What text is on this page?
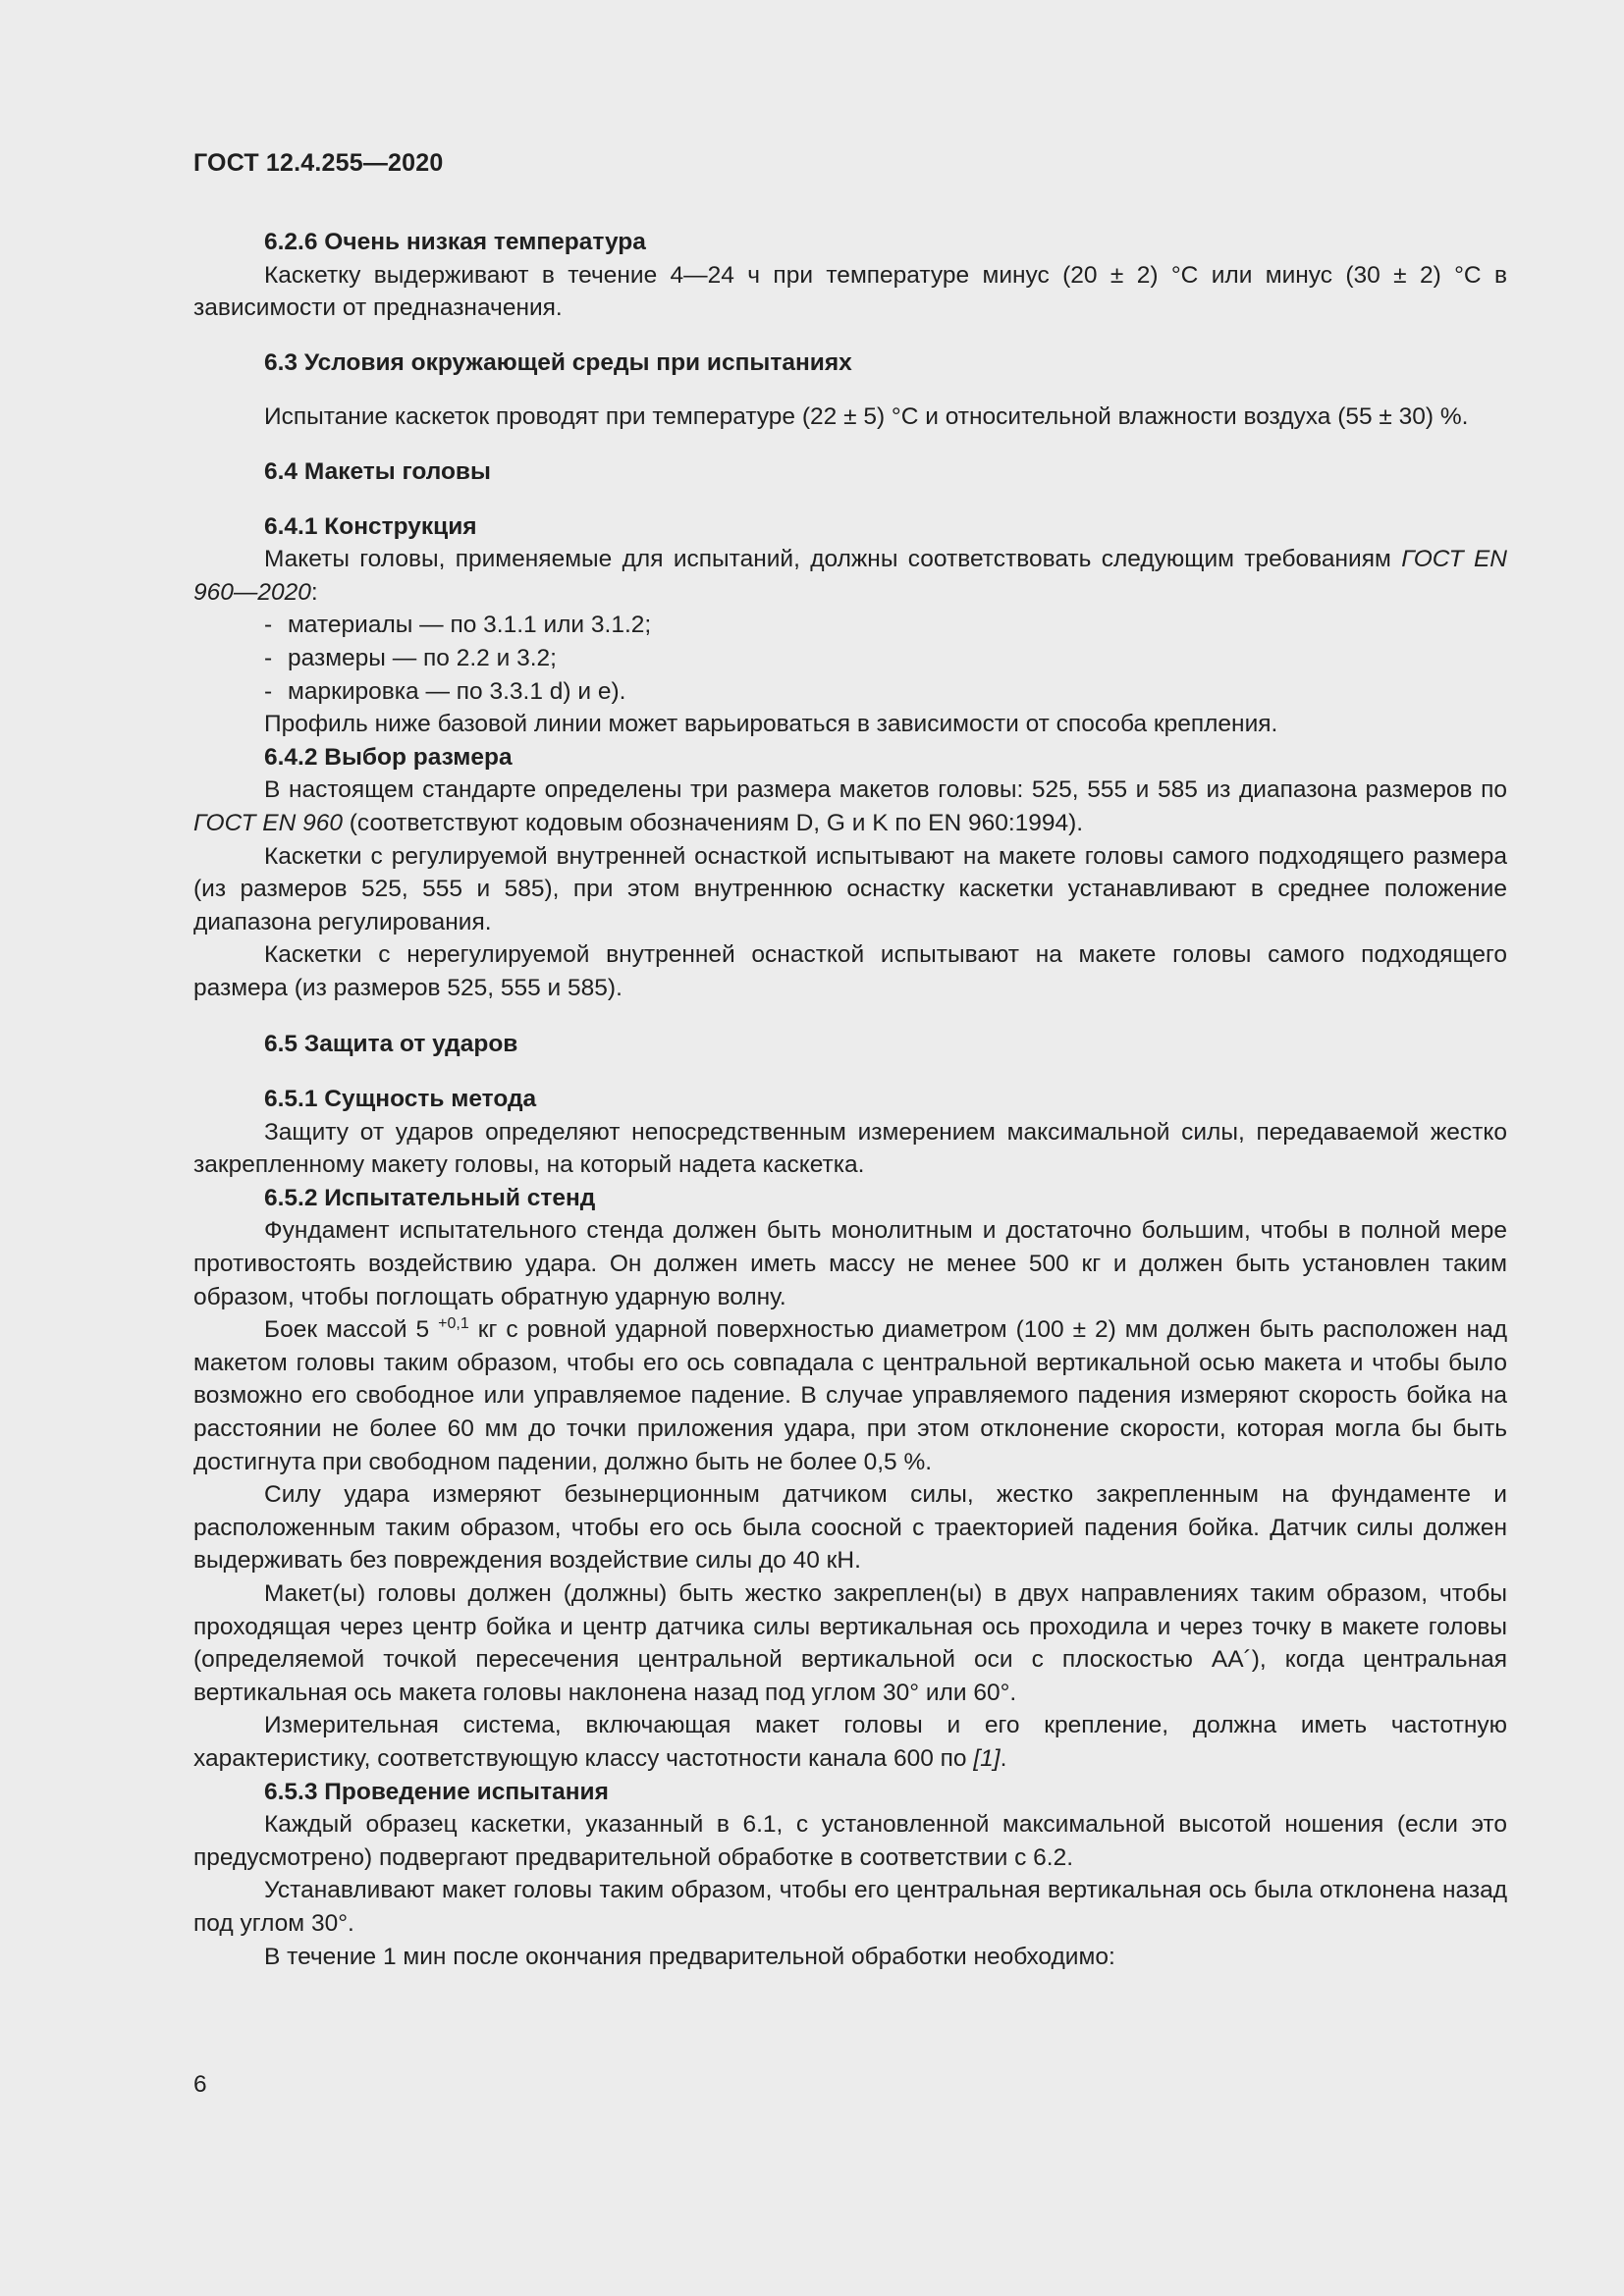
ГОСТ 12.4.255—2020

6.2.6 Очень низкая температура

Каскетку выдерживают в течение 4—24 ч при температуре минус (20 ± 2) °С или минус (30 ± 2) °С в зависимости от предназначения.

6.3 Условия окружающей среды при испытаниях

Испытание каскеток проводят при температуре (22 ± 5) °С и относительной влажности воздуха (55 ± 30) %.

6.4 Макеты головы

6.4.1 Конструкция

Макеты головы, применяемые для испытаний, должны соответствовать следующим требованиям ГОСТ EN 960—2020:

- материалы — по 3.1.1 или 3.1.2;

- размеры — по 2.2 и 3.2;

- маркировка — по 3.3.1 d) и е).

Профиль ниже базовой линии может варьироваться в зависимости от способа крепления.

6.4.2 Выбор размера

В настоящем стандарте определены три размера макетов головы: 525, 555 и 585 из диапазона размеров по ГОСТ EN 960 (соответствуют кодовым обозначениям D, G и K по EN 960:1994).

Каскетки с регулируемой внутренней оснасткой испытывают на макете головы самого подходящего размера (из размеров 525, 555 и 585), при этом внутреннюю оснастку каскетки устанавливают в среднее положение диапазона регулирования.

Каскетки с нерегулируемой внутренней оснасткой испытывают на макете головы самого подходящего размера (из размеров 525, 555 и 585).

6.5 Защита от ударов

6.5.1 Сущность метода

Защиту от ударов определяют непосредственным измерением максимальной силы, передаваемой жестко закрепленному макету головы, на который надета каскетка.

6.5.2 Испытательный стенд

Фундамент испытательного стенда должен быть монолитным и достаточно большим, чтобы в полной мере противостоять воздействию удара. Он должен иметь массу не менее 500 кг и должен быть установлен таким образом, чтобы поглощать обратную ударную волну.

Боек массой 5 $^{+0,1}$ кг с ровной ударной поверхностью диаметром (100 ± 2) мм должен быть расположен над макетом головы таким образом, чтобы его ось совпадала с центральной вертикальной осью макета и чтобы было возможно его свободное или управляемое падение. В случае управляемого падения измеряют скорость бойка на расстоянии не более 60 мм до точки приложения удара, при этом отклонение скорости, которая могла бы быть достигнута при свободном падении, должно быть не более 0,5 %.

Силу удара измеряют безынерционным датчиком силы, жестко закрепленным на фундаменте и расположенным таким образом, чтобы его ось была соосной с траекторией падения бойка. Датчик силы должен выдерживать без повреждения воздействие силы до 40 кН.

Макет(ы) головы должен (должны) быть жестко закреплен(ы) в двух направлениях таким образом, чтобы проходящая через центр бойка и центр датчика силы вертикальная ось проходила и через точку в макете головы (определяемой точкой пересечения центральной вертикальной оси с плоскостью АА´), когда центральная вертикальная ось макета головы наклонена назад под углом 30° или 60°.

Измерительная система, включающая макет головы и его крепление, должна иметь частотную характеристику, соответствующую классу частотности канала 600 по [1].

6.5.3 Проведение испытания

Каждый образец каскетки, указанный в 6.1, с установленной максимальной высотой ношения (если это предусмотрено) подвергают предварительной обработке в соответствии с 6.2.

Устанавливают макет головы таким образом, чтобы его центральная вертикальная ось была отклонена назад под углом 30°.

В течение 1 мин после окончания предварительной обработки необходимо:

6
